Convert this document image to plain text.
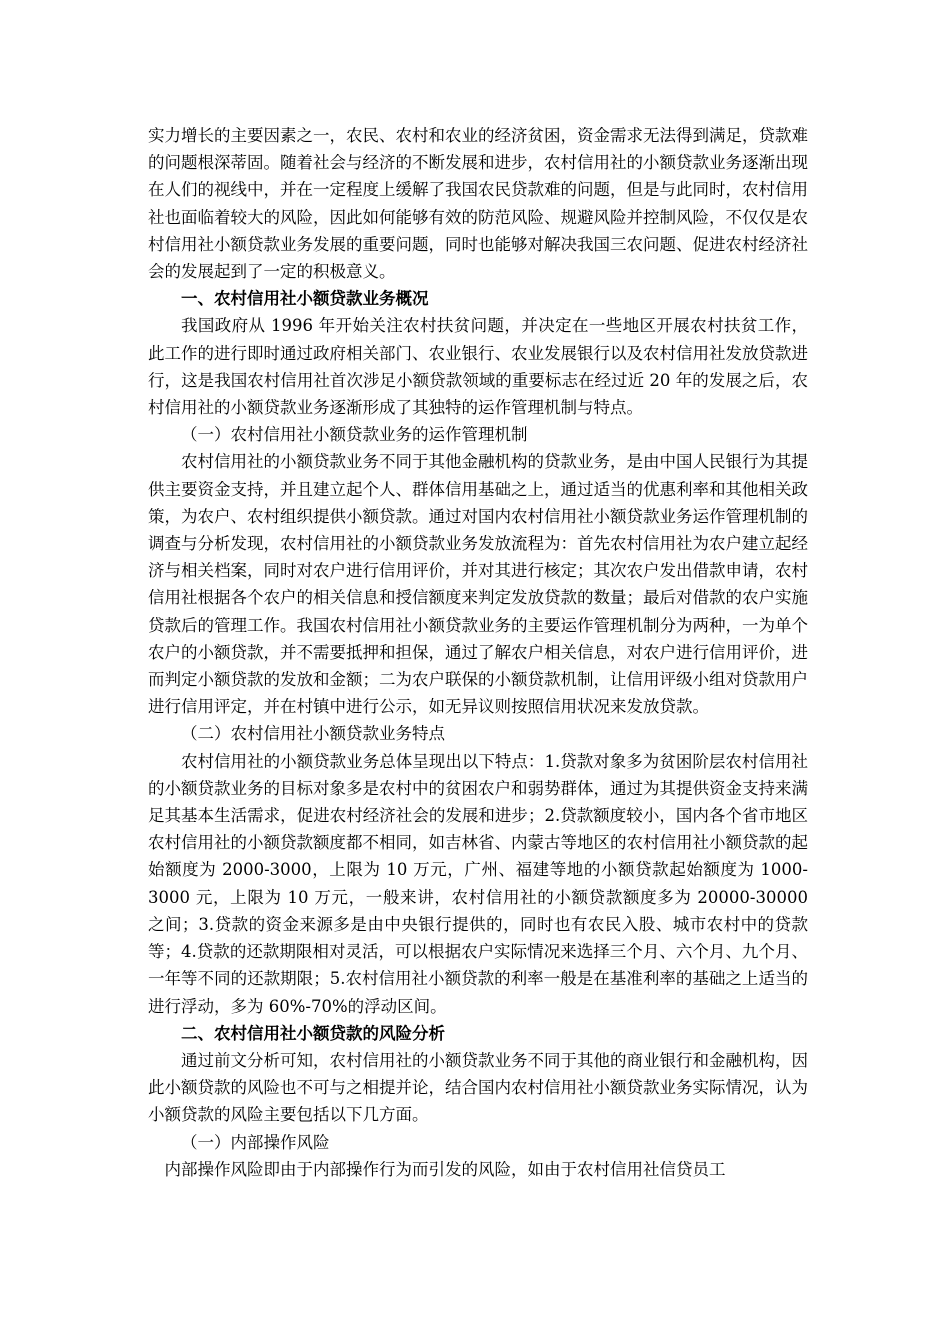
实力增长的主要因素之一，农民、农村和农业的经济贫困，资金需求无法得到满足，贷款难的问题根深蒂固。随着社会与经济的不断发展和进步，农村信用社的小额贷款业务逐渐出现在人们的视线中，并在一定程度上缓解了我国农民贷款难的问题，但是与此同时，农村信用社也面临着较大的风险，因此如何能够有效的防范风险、规避风险并控制风险，不仅仅是农村信用社小额贷款业务发展的重要问题，同时也能够对解决我国三农问题、促进农村经济社会的发展起到了一定的积极意义。

一、农村信用社小额贷款业务概况

我国政府从 1996 年开始关注农村扶贫问题，并决定在一些地区开展农村扶贫工作，此工作的进行即时通过政府相关部门、农业银行、农业发展银行以及农村信用社发放贷款进行，这是我国农村信用社首次涉足小额贷款领域的重要标志在经过近 20 年的发展之后，农村信用社的小额贷款业务逐渐形成了其独特的运作管理机制与特点。

（一）农村信用社小额贷款业务的运作管理机制

农村信用社的小额贷款业务不同于其他金融机构的贷款业务，是由中国人民银行为其提供主要资金支持，并且建立起个人、群体信用基础之上，通过适当的优惠利率和其他相关政策，为农户、农村组织提供小额贷款。通过对国内农村信用社小额贷款业务运作管理机制的调查与分析发现，农村信用社的小额贷款业务发放流程为：首先农村信用社为农户建立起经济与相关档案，同时对农户进行信用评价，并对其进行核定；其次农户发出借款申请，农村信用社根据各个农户的相关信息和授信额度来判定发放贷款的数量；最后对借款的农户实施贷款后的管理工作。我国农村信用社小额贷款业务的主要运作管理机制分为两种，一为单个农户的小额贷款，并不需要抵押和担保，通过了解农户相关信息，对农户进行信用评价，进而判定小额贷款的发放和金额；二为农户联保的小额贷款机制，让信用评级小组对贷款用户进行信用评定，并在村镇中进行公示，如无异议则按照信用状况来发放贷款。

（二）农村信用社小额贷款业务特点

农村信用社的小额贷款业务总体呈现出以下特点：1.贷款对象多为贫困阶层农村信用社的小额贷款业务的目标对象多是农村中的贫困农户和弱势群体，通过为其提供资金支持来满足其基本生活需求，促进农村经济社会的发展和进步；2.贷款额度较小，国内各个省市地区农村信用社的小额贷款额度都不相同，如吉林省、内蒙古等地区的农村信用社小额贷款的起始额度为 2000-3000，上限为 10 万元，广州、福建等地的小额贷款起始额度为 1000-3000 元，上限为 10 万元，一般来讲，农村信用社的小额贷款额度多为 20000-30000 之间；3.贷款的资金来源多是由中央银行提供的，同时也有农民入股、城市农村中的贷款等；4.贷款的还款期限相对灵活，可以根据农户实际情况来选择三个月、六个月、九个月、一年等不同的还款期限；5.农村信用社小额贷款的利率一般是在基准利率的基础之上适当的进行浮动，多为 60%-70%的浮动区间。

二、农村信用社小额贷款的风险分析

通过前文分析可知，农村信用社的小额贷款业务不同于其他的商业银行和金融机构，因此小额贷款的风险也不可与之相提并论，结合国内农村信用社小额贷款业务实际情况，认为小额贷款的风险主要包括以下几方面。

（一）内部操作风险

内部操作风险即由于内部操作行为而引发的风险，如由于农村信用社信贷员工
